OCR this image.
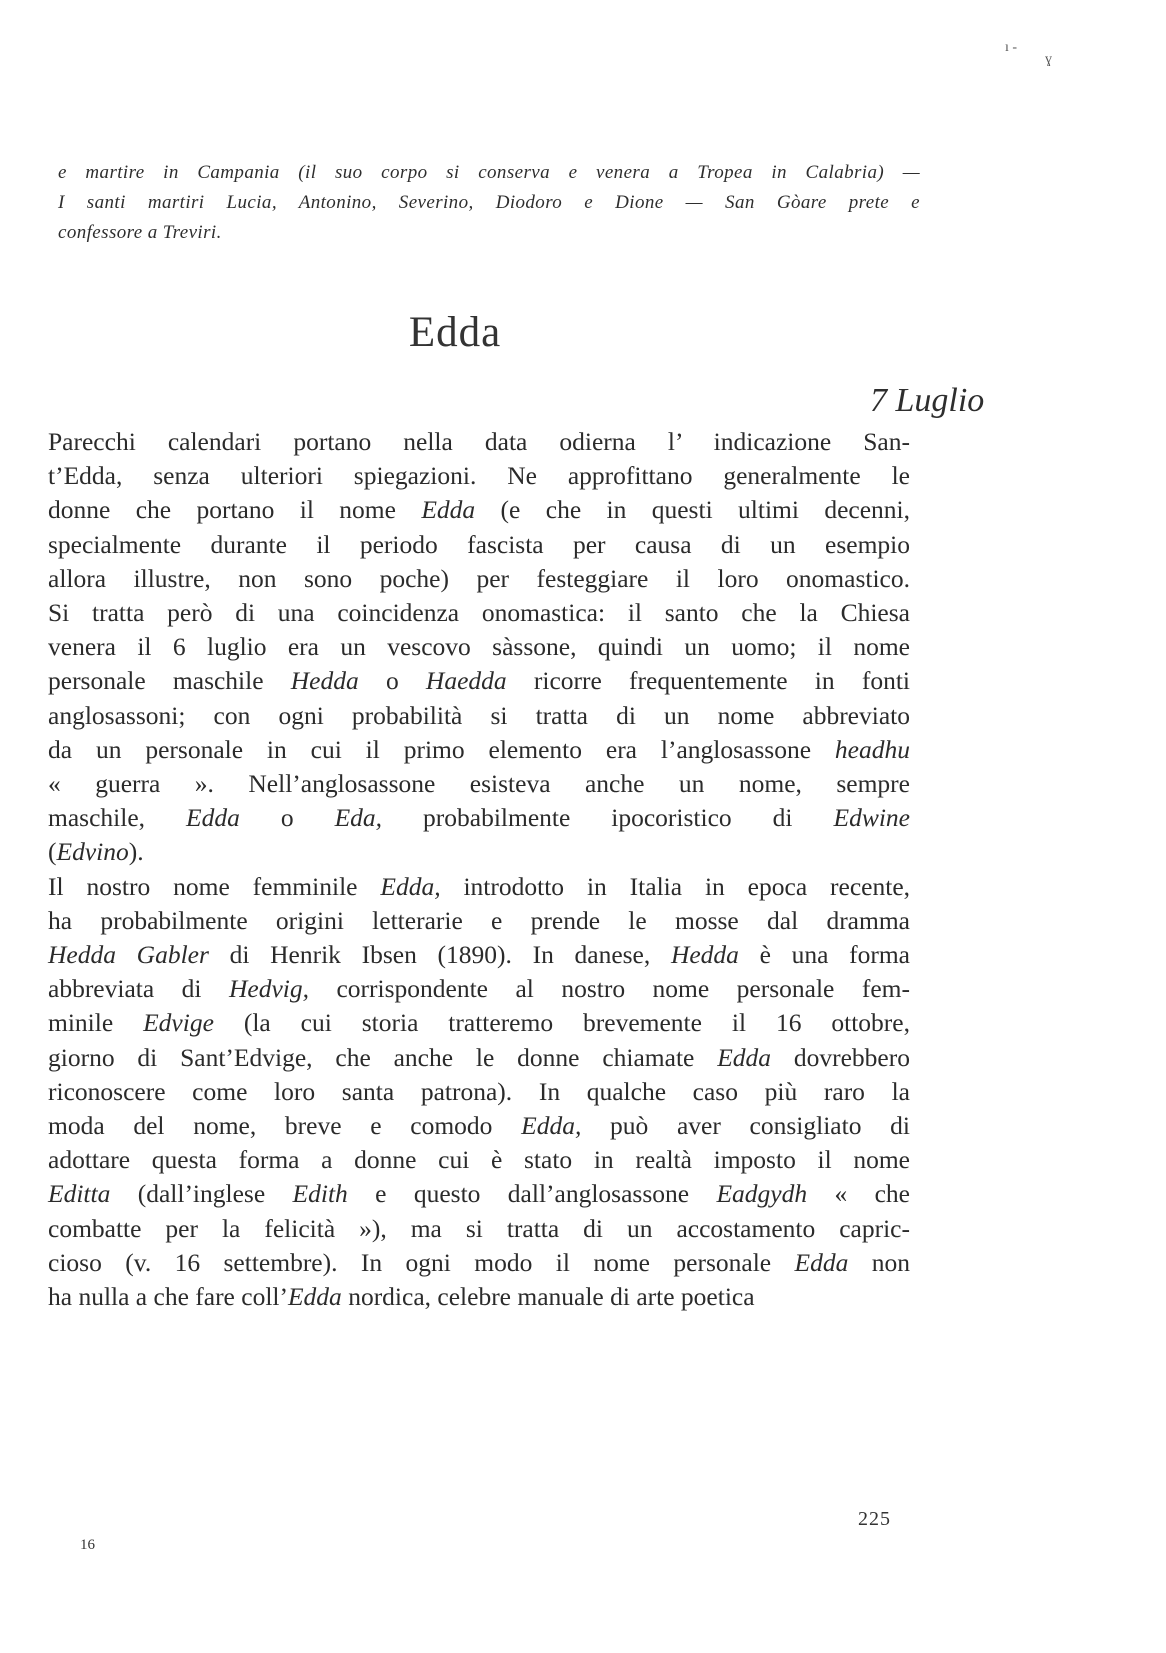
ı -
ɣ
e martire in Campania (il suo corpo si conserva e venera a Tropea in Calabria) —
I santi martiri Lucia, Antonino, Severino, Diodoro e Dione — San Gòare prete e
confessore a Treviri.
Edda
7 Luglio
Parecchi calendari portano nella data odierna l’ indicazione San-
t’Edda, senza ulteriori spiegazioni. Ne approfittano generalmente le
donne che portano il nome Edda (e che in questi ultimi decenni,
specialmente durante il periodo fascista per causa di un esempio
allora illustre, non sono poche) per festeggiare il loro onomastico.
Si tratta però di una coincidenza onomastica: il santo che la Chiesa
venera il 6 luglio era un vescovo sàssone, quindi un uomo; il nome
personale maschile Hedda o Haedda ricorre frequentemente in fonti
anglosassoni; con ogni probabilità si tratta di un nome abbreviato
da un personale in cui il primo elemento era l’anglosassone headhu
« guerra ». Nell’anglosassone esisteva anche un nome, sempre
maschile, Edda o Eda, probabilmente ipocoristico di Edwine
(Edvino).
Il nostro nome femminile Edda, introdotto in Italia in epoca recente,
ha probabilmente origini letterarie e prende le mosse dal dramma
Hedda Gabler di Henrik Ibsen (1890). In danese, Hedda è una forma
abbreviata di Hedvig, corrispondente al nostro nome personale fem-
minile Edvige (la cui storia tratteremo brevemente il 16 ottobre,
giorno di Sant’Edvige, che anche le donne chiamate Edda dovrebbero
riconoscere come loro santa patrona). In qualche caso più raro la
moda del nome, breve e comodo Edda, può aver consigliato di
adottare questa forma a donne cui è stato in realtà imposto il nome
Editta (dall’inglese Edith e questo dall’anglosassone Eadgydh « che
combatte per la felicità »), ma si tratta di un accostamento capric-
cioso (v. 16 settembre). In ogni modo il nome personale Edda non
ha nulla a che fare coll’Edda nordica, celebre manuale di arte poetica
225
16
